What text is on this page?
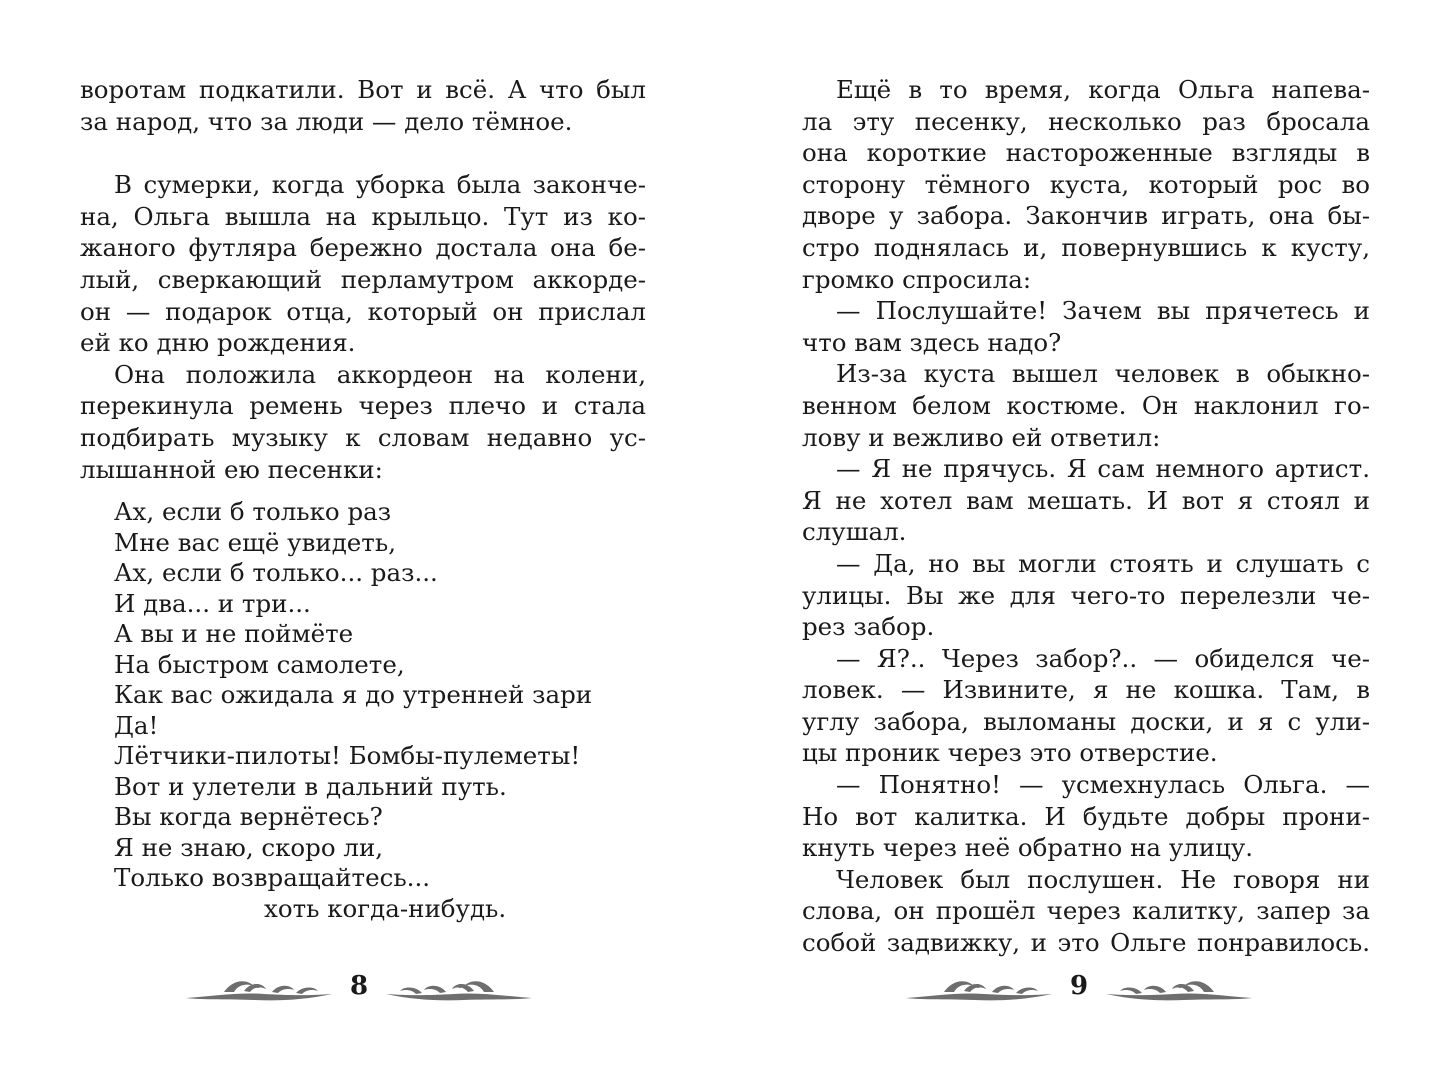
воротам подкатили. Вот и всё. А что был
за народ, что за люди — дело тёмное.
В сумерки, когда уборка была закончe-
на, Ольга вышла на крыльцо. Тут из ко-
жаного футляра бережно достала она бе-
лый, сверкающий перламутром аккорде-
он — подарок отца, который он прислал
ей ко дню рождения.
Она положила аккордеон на колени,
перекинула ремень через плечо и стала
подбирать музыку к словам недавно ус-
лышанной ею песенки:
Ах, если б только раз
Мне вас ещё увидеть,
Ах, если б только... раз...
И два... и три...
А вы и не поймёте
На быстром самолете,
Как вас ожидала я до утренней зари
Да!
Лётчики-пилоты! Бомбы-пулеметы!
Вот и улетели в дальний путь.
Вы когда вернётесь?
Я не знаю, скоро ли,
Только возвращайтесь...
хоть когда-нибудь.
8
Ещё в то время, когда Ольга напева-
ла эту песенку, несколько раз бросала
она короткие настороженные взгляды в
сторону тёмного куста, который рос во
дворе у забора. Закончив играть, она бы-
стро поднялась и, повернувшись к кусту,
громко спросила:
— Послушайте! Зачем вы прячетесь и
что вам здесь надо?
Из-за куста вышел человек в обыкно-
венном белом костюме. Он наклонил го-
лову и вежливо ей ответил:
— Я не прячусь. Я сам немного артист.
Я не хотел вам мешать. И вот я стоял и
слушал.
— Да, но вы могли стоять и слушать с
улицы. Вы же для чего-то перелезли че-
рез забор.
— Я?.. Через забор?.. — обиделся че-
ловек. — Извините, я не кошка. Там, в
углу забора, выломаны доски, и я с ули-
цы проник через это отверстие.
— Понятно! — усмехнулась Ольга. —
Но вот калитка. И будьте добры прони-
кнуть через неё обратно на улицу.
Человек был послушен. Не говоря ни
слова, он прошёл через калитку, запер за
собой задвижку, и это Ольге понравилось.
9
